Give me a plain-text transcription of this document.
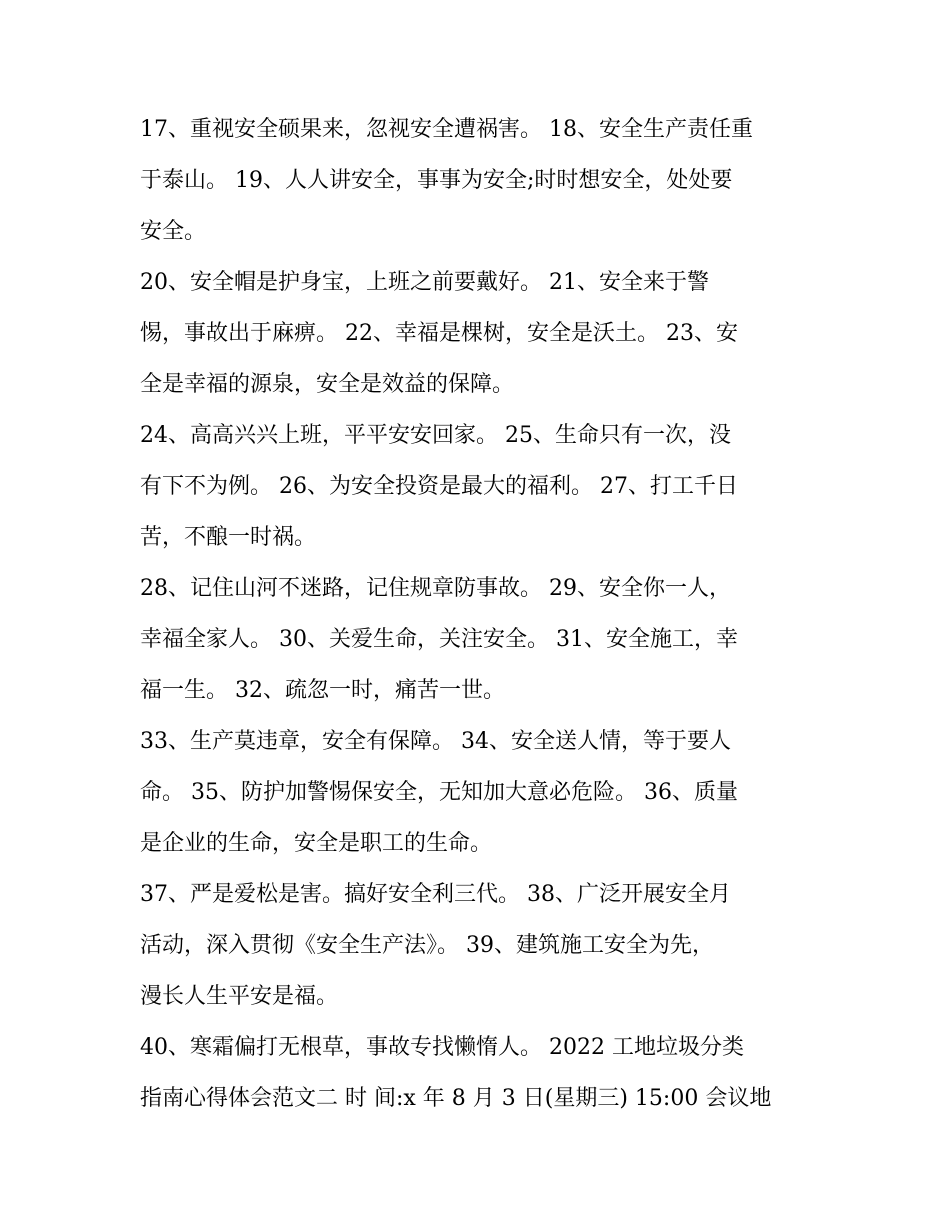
17、重视安全硕果来，忽视安全遭祸害。 18、安全生产责任重
于泰山。 19、人人讲安全，事事为安全;时时想安全，处处要
安全。

20、安全帽是护身宝，上班之前要戴好。 21、安全来于警
惕，事故出于麻痹。 22、幸福是棵树，安全是沃土。 23、安
全是幸福的源泉，安全是效益的保障。

24、高高兴兴上班，平平安安回家。 25、生命只有一次，没
有下不为例。 26、为安全投资是最大的福利。 27、打工千日
苦，不酿一时祸。

28、记住山河不迷路，记住规章防事故。 29、安全你一人，
幸福全家人。 30、关爱生命，关注安全。 31、安全施工，幸
福一生。 32、疏忽一时，痛苦一世。

33、生产莫违章，安全有保障。 34、安全送人情，等于要人
命。 35、防护加警惕保安全，无知加大意必危险。 36、质量
是企业的生命，安全是职工的生命。

37、严是爱松是害。搞好安全利三代。 38、广泛开展安全月
活动，深入贯彻《安全生产法》。 39、建筑施工安全为先，
漫长人生平安是福。

40、寒霜偏打无根草，事故专找懒惰人。 2022 工地垃圾分类
指南心得体会范文二 时 间:x 年 8 月 3 日(星期三) 15:00 会议地
